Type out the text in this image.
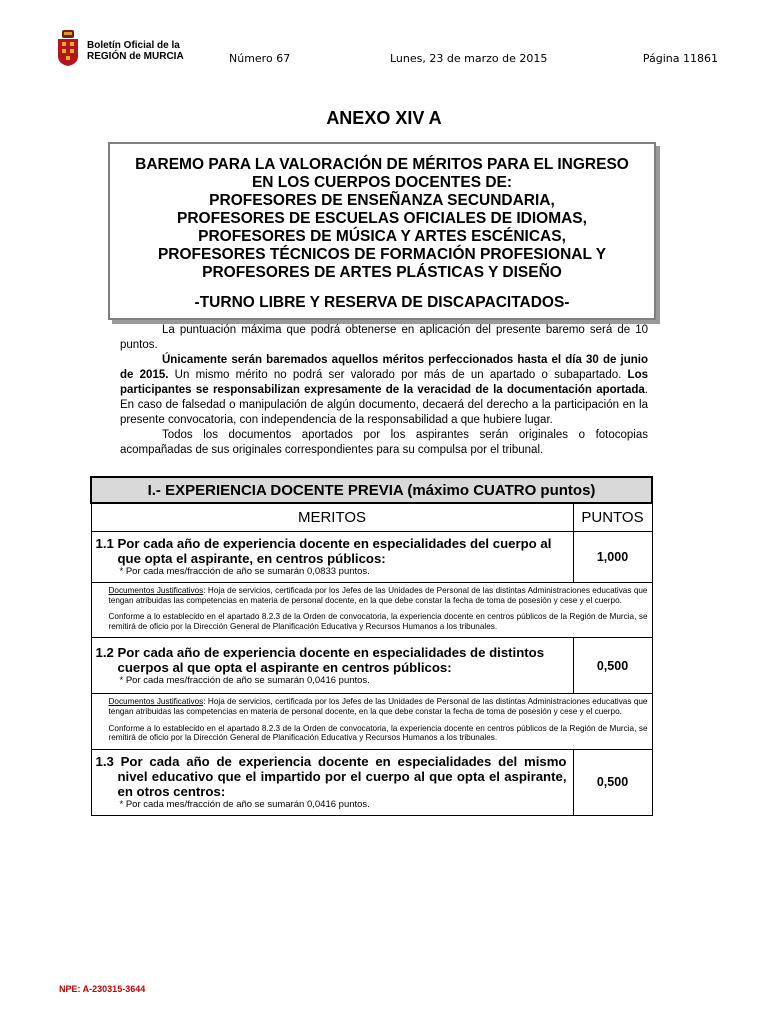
Boletín Oficial de la
REGIÓN de MURCIA	Número 67	Lunes, 23 de marzo de 2015	Página 11861
ANEXO XIV A
BAREMO PARA LA VALORACIÓN DE MÉRITOS PARA EL INGRESO
EN LOS CUERPOS DOCENTES DE:
PROFESORES DE ENSEÑANZA SECUNDARIA,
PROFESORES DE ESCUELAS OFICIALES DE IDIOMAS,
PROFESORES DE MÚSICA Y ARTES ESCÉNICAS,
PROFESORES TÉCNICOS DE FORMACIÓN PROFESIONAL Y
PROFESORES DE ARTES PLÁSTICAS Y DISEÑO
-TURNO LIBRE Y RESERVA DE DISCAPACITADOS-

La puntuación máxima que podrá obtenerse en aplicación del presente baremo será de 10 puntos.

Únicamente serán baremados aquellos méritos perfeccionados hasta el día 30 de junio de 2015. Un mismo mérito no podrá ser valorado por más de un apartado o subapartado. Los participantes se responsabilizan expresamente de la veracidad de la documentación aportada. En caso de falsedad o manipulación de algún documento, decaerá del derecho a la participación en la presente convocatoria, con independencia de la responsabilidad a que hubiere lugar.

Todos los documentos aportados por los aspirantes serán originales o fotocopias acompañadas de sus originales correspondientes para su compulsa por el tribunal.

I.- EXPERIENCIA DOCENTE PREVIA (máximo CUATRO puntos)	
MERITOS	PUNTOS

1.1 Por cada año de experiencia docente en especialidades del cuerpo al que opta el aspirante, en centros públicos:
* Por cada mes/fracción de año se sumarán 0,0833 puntos.	1,000

Documentos Justificativos: Hoja de servicios, certificada por los Jefes de las Unidades de Personal de las distintas Administraciones educativas que tengan atribuidas las competencias en materia de personal docente, en la que debe constar la fecha de toma de posesión y cese y el cuerpo.
Conforme a lo establecido en el apartado 8.2.3 de la Orden de convocatoria, la experiencia docente en centros públicos de la Región de Murcia, se remitirá de oficio por la Dirección General de Planificación Educativa y Recursos Humanos a los tribunales.	

1.2 Por cada año de experiencia docente en especialidades de distintos cuerpos al que opta el aspirante en centros públicos:
* Por cada mes/fracción de año se sumarán 0,0416 puntos.	0,500

Documentos Justificativos: Hoja de servicios, certificada por los Jefes de las Unidades de Personal de las distintas Administraciones educativas que tengan atribuidas las competencias en materia de personal docente, en la que debe constar la fecha de toma de posesión y cese y el cuerpo.
Conforme a lo establecido en el apartado 8.2.3 de la Orden de convocatoria, la experiencia docente en centros públicos de la Región de Murcia, se remitirá de oficio por la Dirección General de Planificación Educativa y Recursos Humanos a los tribunales.	

1.3 Por cada año de experiencia docente en especialidades del mismo nivel educativo que el impartido por el cuerpo al que opta el aspirante, en otros centros:
* Por cada mes/fracción de año se sumarán 0,0416 puntos.	0,500
NPE: A-230315-3644
